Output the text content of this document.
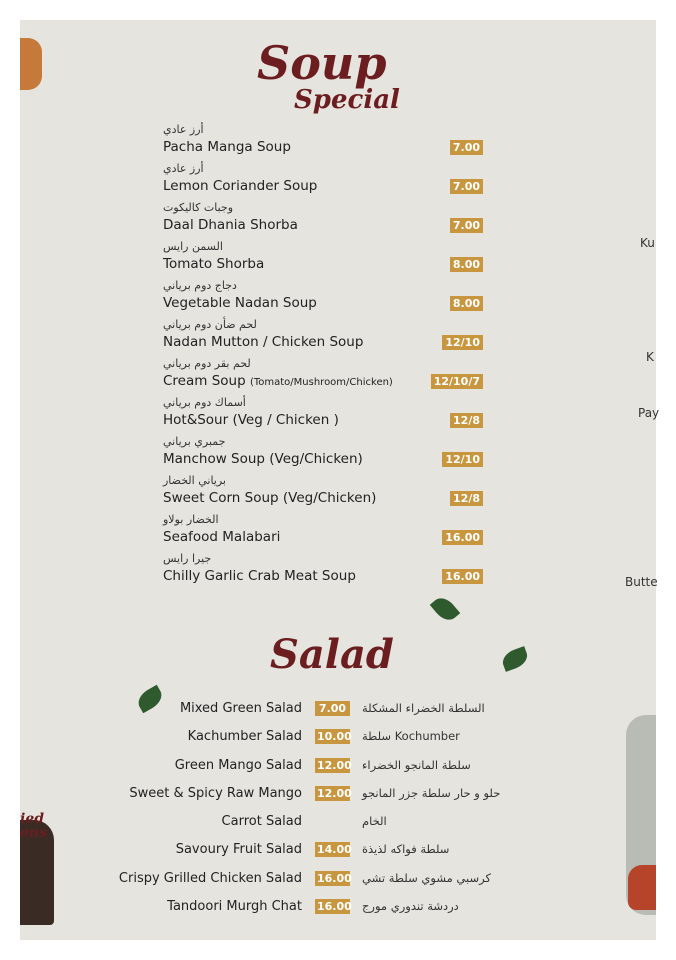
ied
ens
Ku
K
Pay
Butte
Soup
Special
أرز عادي
Pacha Manga Soup	7.00
أرز عادي
Lemon Coriander Soup	7.00
وجبات كاليكوت
Daal Dhania Shorba	7.00
السمن رايس
Tomato Shorba	8.00
دجاج دوم برياني
Vegetable Nadan Soup	8.00
لحم ضأن دوم برياني
Nadan Mutton / Chicken Soup	12/10
لحم بقر دوم برياني
Cream Soup (Tomato/Mushroom/Chicken)	12/10/7
أسماك دوم برياني
Hot&Sour (Veg / Chicken )	12/8
جمبري برياني
Manchow Soup (Veg/Chicken)	12/10
برياني الخضار
Sweet Corn Soup (Veg/Chicken)	12/8
الخضار بولاو
Seafood Malabari	16.00
جيرا رايس
Chilly Garlic Crab Meat Soup	16.00
Salad
Mixed Green Salad	7.00	السلطة الخضراء المشكلة
Kachumber Salad 10.00 سلطة Kochumber
Green Mango Salad 12.00 سلطة المانجو الخضراء
Sweet & Spicy Raw Mango 12.00 حلو و حار سلطة جزر المانجو
Carrot Salad	الخام
Savoury Fruit Salad 14.00 سلطة فواكه لذيذة
Crispy Grilled Chicken Salad 16.00 كرسبي مشوي سلطة تشي
Tandoori Murgh Chat 16.00 دردشة تندوري مورج
